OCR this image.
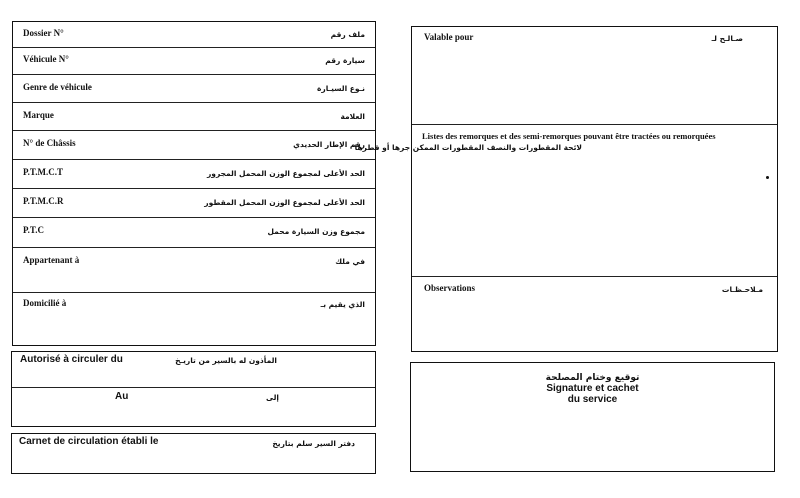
Dossier N°	ملف رقم
Véhicule N°	سيارة رقم
Genre de véhicule	نـوع السيـارة
Marque	العلامة
N° de Châssis	رقم الإطار الحديدي
P.T.M.C.T	الحد الأعلى لمجموع الوزن المحمل المجرور
P.T.M.C.R	الحد الأعلى لمجموع الوزن المحمل المقطور
P.T.C	مجموع وزن السيارة محمل
Appartenant à	في ملك
Domicilié à	الذي يقيم بـ
Autorisé à circuler du	المأذون له بالسير من تاريـخ
Au	إلى
Carnet de circulation établi le	دفتر السير سلم بتاريخ
Valable pour	صـالـح لـ
Listes des remorques et des semi-remorques pouvant être tractées ou remorquées
لائحة المقطورات والنصف المقطورات الممكن جرها أو قطرها
Observations	مـلاحـظـات
توقيع وختام المصلحة
Signature et cachet
du service
